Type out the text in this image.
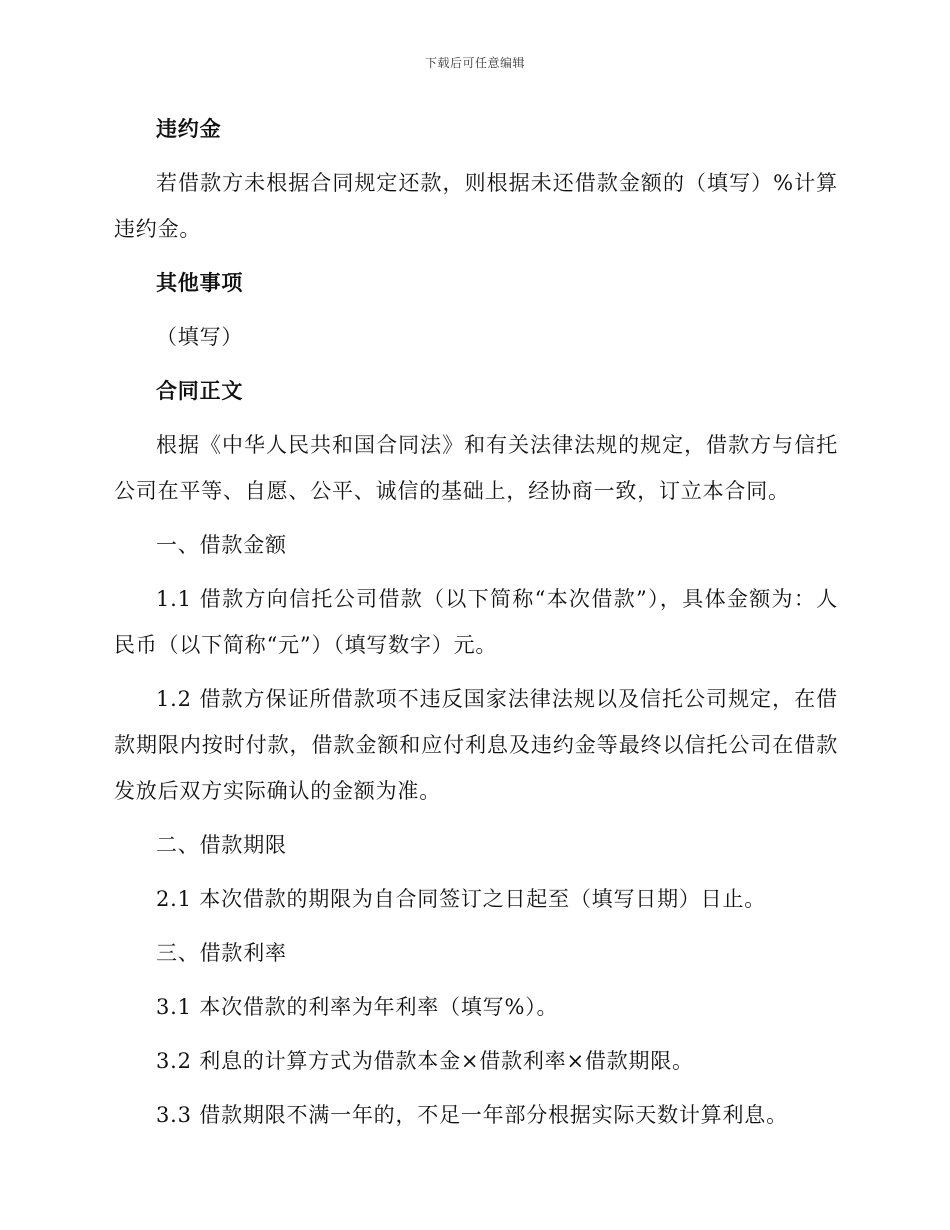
下载后可任意编辑

违约金

若借款方未根据合同规定还款，则根据未还借款金额的（填写）%计算违约金。

其他事项

（填写）

合同正文

根据《中华人民共和国合同法》和有关法律法规的规定，借款方与信托公司在平等、自愿、公平、诚信的基础上，经协商一致，订立本合同。

一、借款金额

1.1 借款方向信托公司借款（以下简称“本次借款”），具体金额为：人民币（以下简称“元”）（填写数字）元。

1.2 借款方保证所借款项不违反国家法律法规以及信托公司规定，在借款期限内按时付款，借款金额和应付利息及违约金等最终以信托公司在借款发放后双方实际确认的金额为准。

二、借款期限

2.1 本次借款的期限为自合同签订之日起至（填写日期）日止。

三、借款利率

3.1 本次借款的利率为年利率（填写%）。

3.2 利息的计算方式为借款本金×借款利率×借款期限。

3.3 借款期限不满一年的，不足一年部分根据实际天数计算利息。
